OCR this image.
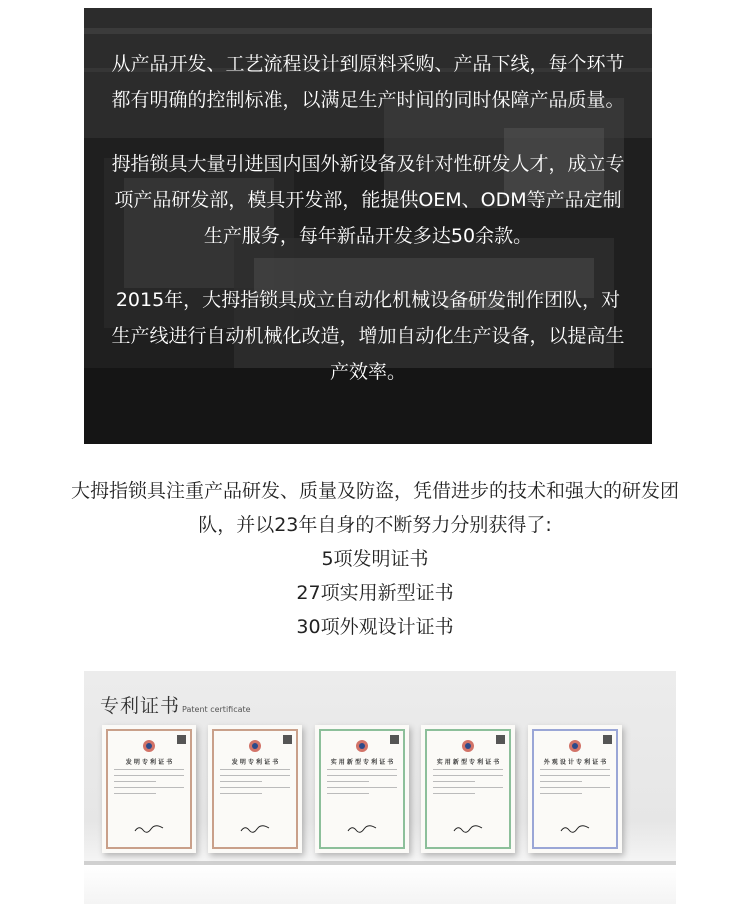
从产品开发、工艺流程设计到原料采购、产品下线，每个环节都有明确的控制标准，以满足生产时间的同时保障产品质量。

拇指锁具大量引进国内国外新设备及针对性研发人才，成立专项产品研发部，模具开发部，能提供OEM、ODM等产品定制生产服务，每年新品开发多达50余款。

2015年，大拇指锁具成立自动化机械设备研发制作团队，对生产线进行自动机械化改造，增加自动化生产设备，以提高生产效率。

大拇指锁具注重产品研发、质量及防盗，凭借进步的技术和强大的研发团队，并以23年自身的不断努力分别获得了:

5项发明证书
27项实用新型证书
30项外观设计证书
专利证书 Patent certificate
发 明 专 利 证 书	发 明 专 利 证 书	实 用 新 型 专 利 证 书	实 用 新 型 专 利 证 书	外 观 设 计 专 利 证 书
